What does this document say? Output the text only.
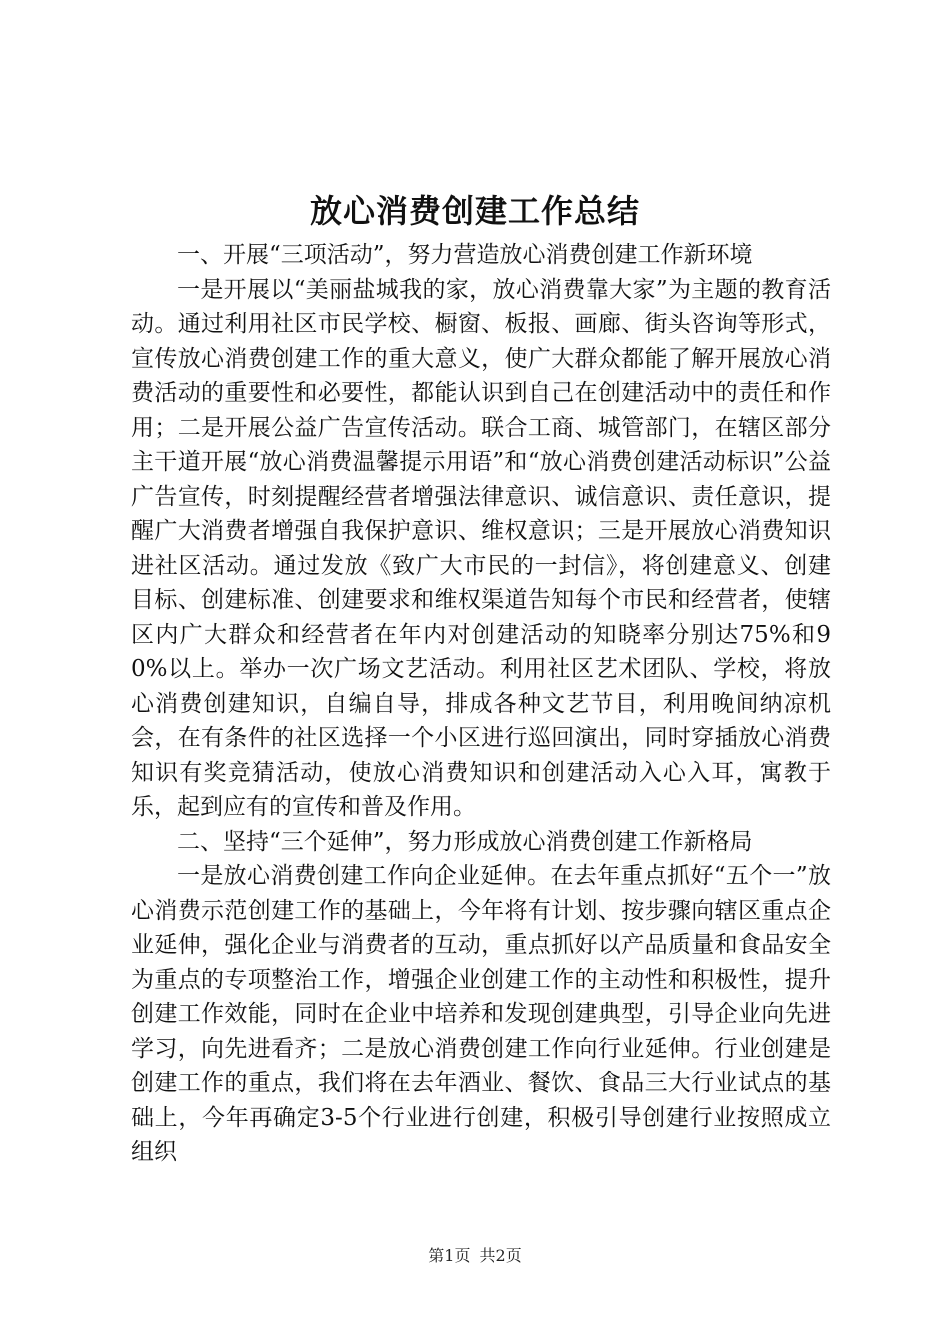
放心消费创建工作总结

一、开展“三项活动”，努力营造放心消费创建工作新环境

一是开展以“美丽盐城我的家，放心消费靠大家”为主题的教育活动。通过利用社区市民学校、橱窗、板报、画廊、街头咨询等形式，宣传放心消费创建工作的重大意义，使广大群众都能了解开展放心消费活动的重要性和必要性，都能认识到自己在创建活动中的责任和作用；二是开展公益广告宣传活动。联合工商、城管部门，在辖区部分主干道开展“放心消费温馨提示用语”和“放心消费创建活动标识”公益广告宣传，时刻提醒经营者增强法律意识、诚信意识、责任意识，提醒广大消费者增强自我保护意识、维权意识；三是开展放心消费知识进社区活动。通过发放《致广大市民的一封信》，将创建意义、创建目标、创建标准、创建要求和维权渠道告知每个市民和经营者，使辖区内广大群众和经营者在年内对创建活动的知晓率分别达75%和90%以上。举办一次广场文艺活动。利用社区艺术团队、学校，将放心消费创建知识，自编自导，排成各种文艺节目，利用晚间纳凉机会，在有条件的社区选择一个小区进行巡回演出，同时穿插放心消费知识有奖竞猜活动，使放心消费知识和创建活动入心入耳，寓教于乐，起到应有的宣传和普及作用。

二、坚持“三个延伸”，努力形成放心消费创建工作新格局

一是放心消费创建工作向企业延伸。在去年重点抓好“五个一”放心消费示范创建工作的基础上，今年将有计划、按步骤向辖区重点企业延伸，强化企业与消费者的互动，重点抓好以产品质量和食品安全为重点的专项整治工作，增强企业创建工作的主动性和积极性，提升创建工作效能，同时在企业中培养和发现创建典型，引导企业向先进学习，向先进看齐；二是放心消费创建工作向行业延伸。行业创建是创建工作的重点，我们将在去年酒业、餐饮、食品三大行业试点的基础上，今年再确定3-5个行业进行创建，积极引导创建行业按照成立组织

第1页 共2页
